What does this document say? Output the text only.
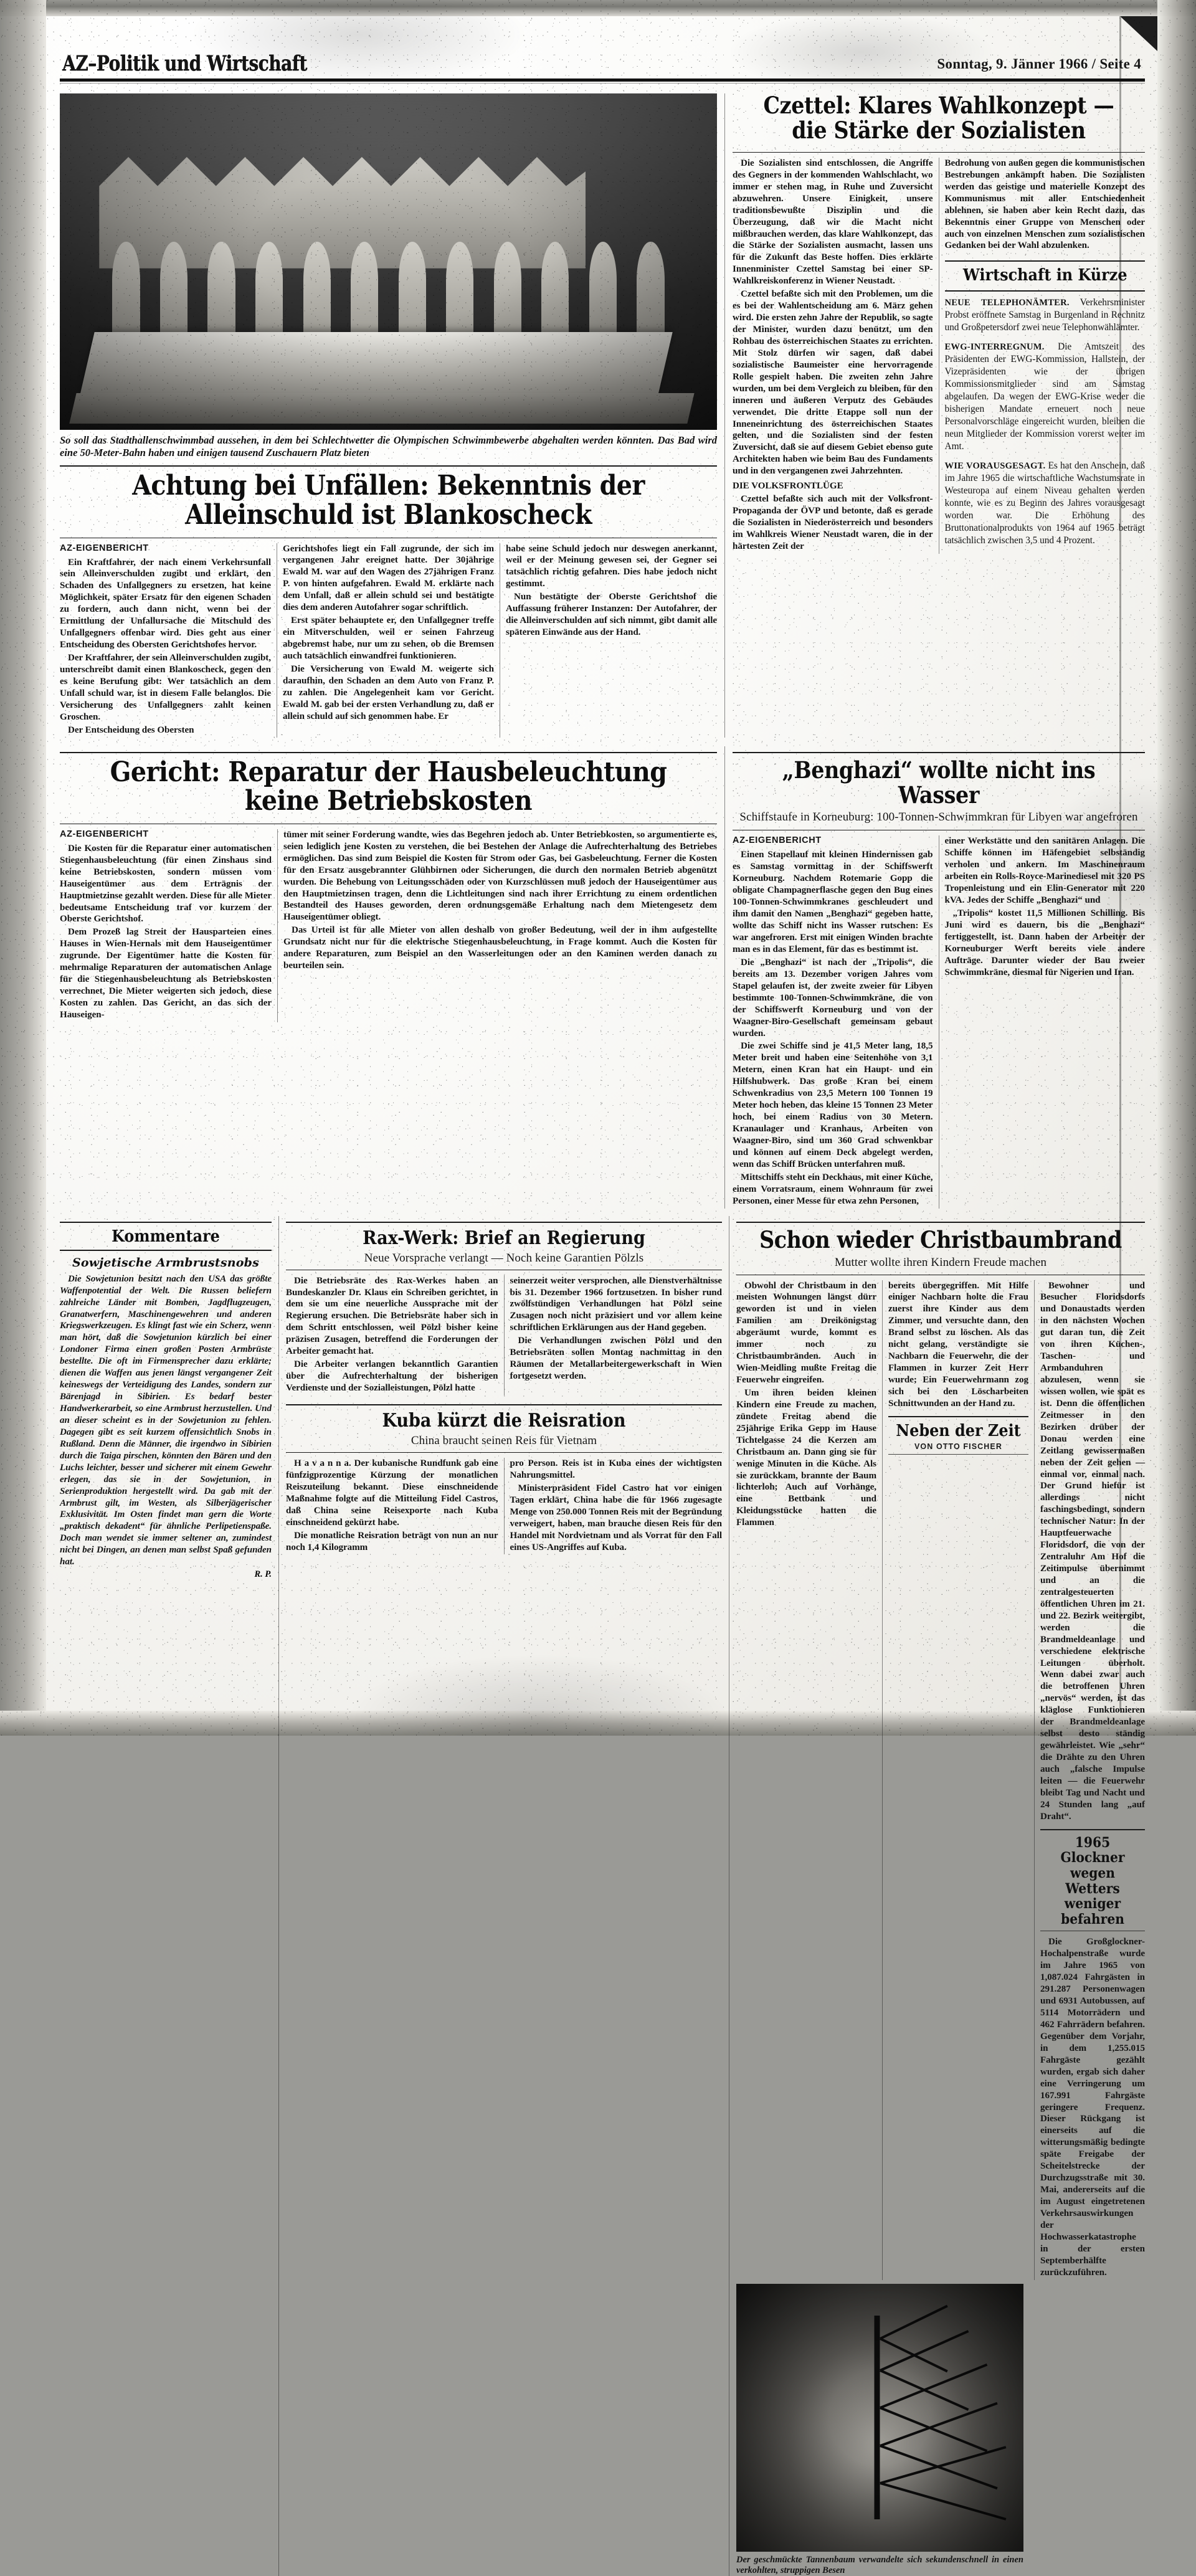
AZ–Politik und Wirtschaft	Sonntag, 9. Jänner 1966 / Seite 4
So soll das Stadthallenschwimmbad aussehen, in dem bei Schlechtwetter die Olympischen Schwimmbewerbe abgehalten werden könnten. Das Bad wird eine 50-Meter-Bahn haben und einigen tausend Zuschauern Platz bieten
Achtung bei Unfällen: Bekenntnis der Alleinschuld ist Blankoscheck
AZ-EIGENBERICHT

Ein Kraftfahrer, der nach einem Verkehrsunfall sein Alleinverschulden zugibt und erklärt, den Schaden des Unfallgegners zu ersetzen, hat keine Möglichkeit, später Ersatz für den eigenen Schaden zu fordern, auch dann nicht, wenn bei der Ermittlung der Unfallursache die Mitschuld des Unfallgegners offenbar wird. Dies geht aus einer Entscheidung des Obersten Gerichtshofes hervor.

Der Kraftfahrer, der sein Alleinverschulden zugibt, unterschreibt damit einen Blankoscheck, gegen den es keine Berufung gibt: Wer tatsächlich an dem Unfall schuld war, ist in diesem Falle belanglos. Die Versicherung des Unfallgegners zahlt keinen Groschen.

Der Entscheidung des Obersten

Gerichtshofes liegt ein Fall zugrunde, der sich im vergangenen Jahr ereignet hatte. Der 30jährige Ewald M. war auf den Wagen des 27jährigen Franz P. von hinten aufgefahren. Ewald M. erklärte nach dem Unfall, daß er allein schuld sei und bestätigte dies dem anderen Autofahrer sogar schriftlich.

Erst später behauptete er, den Unfallgegner treffe ein Mitverschulden, weil er seinen Fahrzeug abgebremst habe, nur um zu sehen, ob die Bremsen auch tatsächlich einwandfrei funktionieren.

Die Versicherung von Ewald M. weigerte sich daraufhin, den Schaden an dem Auto von Franz P. zu zahlen. Die Angelegenheit kam vor Gericht. Ewald M. gab bei der ersten Verhandlung zu, daß er allein schuld auf sich genommen habe. Er

habe seine Schuld jedoch nur deswegen anerkannt, weil er der Meinung gewesen sei, der Gegner sei tatsächlich richtig gefahren. Dies habe jedoch nicht gestimmt.

Nun bestätigte der Oberste Gerichtshof die Auffassung früherer Instanzen: Der Autofahrer, der die Alleinverschulden auf sich nimmt, gibt damit alle späteren Einwände aus der Hand.

Czettel: Klares Wahlkonzept — die Stärke der Sozialisten

Die Sozialisten sind entschlossen, die Angriffe des Gegners in der kommenden Wahlschlacht, wo immer er stehen mag, in Ruhe und Zuversicht abzuwehren. Unsere Einigkeit, unsere traditionsbewußte Disziplin und die Überzeugung, daß wir die Macht nicht mißbrauchen werden, das klare Wahlkonzept, das die Stärke der Sozialisten ausmacht, lassen uns für die Zukunft das Beste hoffen. Dies erklärte Innenminister Czettel Samstag bei einer SP-Wahlkreiskonferenz in Wiener Neustadt.

Czettel befaßte sich mit den Problemen, um die es bei der Wahlentscheidung am 6. März gehen wird. Die ersten zehn Jahre der Republik, so sagte der Minister, wurden dazu benützt, um den Rohbau des österreichischen Staates zu errichten. Mit Stolz dürfen wir sagen, daß dabei sozialistische Baumeister eine hervorragende Rolle gespielt haben. Die zweiten zehn Jahre wurden, um bei dem Vergleich zu bleiben, für den inneren und äußeren Verputz des Gebäudes verwendet. Die dritte Etappe soll nun der Inneneinrichtung des österreichischen Staates gelten, und die Sozialisten sind der festen Zuversicht, daß sie auf diesem Gebiet ebenso gute Architekten haben wie beim Bau des Fundaments und in den vergangenen zwei Jahrzehnten.

DIE VOLKSFRONTLÜGE

Czettel befaßte sich auch mit der Volksfront-Propaganda der ÖVP und betonte, daß es gerade die Sozialisten in Niederösterreich und besonders im Wahlkreis Wiener Neustadt waren, die in der härtesten Zeit der

Bedrohung von außen gegen die kommunistischen Bestrebungen ankämpft haben. Die Sozialisten werden das geistige und materielle Konzept des Kommunismus mit aller Entschiedenheit ablehnen, sie haben aber kein Recht dazu, das Bekenntnis einer Gruppe von Menschen oder auch von einzelnen Menschen zum sozialistischen Gedanken bei der Wahl abzulenken.

Wirtschaft in Kürze

NEUE TELEPHONÄMTER. Verkehrsminister Probst eröffnete Samstag in Burgenland in Rechnitz und Großpetersdorf zwei neue Telephonwählämter.

EWG-INTERREGNUM. Die Amtszeit des Präsidenten der EWG-Kommission, Hallstein, der Vizepräsidenten wie der übrigen Kommissionsmitglieder sind am Samstag abgelaufen. Da wegen der EWG-Krise weder die bisherigen Mandate erneuert noch neue Personalvorschläge eingereicht wurden, bleiben die neun Mitglieder der Kommission vorerst weiter im Amt.

WIE VORAUSGESAGT. Es hat den Anschein, daß im Jahre 1965 die wirtschaftliche Wachstumsrate in Westeuropa auf einem Niveau gehalten werden konnte, wie es zu Beginn des Jahres vorausgesagt worden war. Die Erhöhung des Bruttonationalprodukts von 1964 auf 1965 beträgt tatsächlich zwischen 3,5 und 4 Prozent.

Gericht: Reparatur der Hausbeleuchtung keine Betriebskosten
AZ-EIGENBERICHT

Die Kosten für die Reparatur einer automatischen Stiegenhausbeleuchtung (für einen Zinshaus sind keine Betriebskosten, sondern müssen vom Hauseigentümer aus dem Erträgnis der Hauptmietzinse gezahlt werden. Diese für alle Mieter bedeutsame Entscheidung traf vor kurzem der Oberste Gerichtshof.

Dem Prozeß lag Streit der Hausparteien eines Hauses in Wien-Hernals mit dem Hauseigentümer zugrunde. Der Eigentümer hatte die Kosten für mehrmalige Reparaturen der automatischen Anlage für die Stiegenhausbeleuchtung als Betriebskosten verrechnet, Die Mieter weigerten sich jedoch, diese Kosten zu zahlen. Das Gericht, an das sich der Hauseigen-

tümer mit seiner Forderung wandte, wies das Begehren jedoch ab. Unter Betriebkosten, so argumentierte es, seien lediglich jene Kosten zu verstehen, die bei Bestehen der Anlage die Aufrechterhaltung des Betriebes ermöglichen. Das sind zum Beispiel die Kosten für Strom oder Gas, bei Gasbeleuchtung. Ferner die Kosten für den Ersatz ausgebrannter Glühbirnen oder Sicherungen, die durch den normalen Betrieb abgenützt wurden. Die Behebung von Leitungsschäden oder von Kurzschlüssen muß jedoch der Hauseigentümer aus den Hauptmietzinsen tragen, denn die Lichtleitungen sind nach ihrer Errichtung zu einem ordentlichen Bestandteil des Hauses geworden, deren ordnungsgemäße Erhaltung nach dem Mietengesetz dem Hauseigentümer obliegt.

Das Urteil ist für alle Mieter von allen deshalb von großer Bedeutung, weil der in ihm aufgestellte Grundsatz nicht nur für die elektrische Stiegenhausbeleuchtung, in Frage kommt. Auch die Kosten für andere Reparaturen, zum Beispiel an den Wasserleitungen oder an den Kaminen werden danach zu beurteilen sein.

„Benghazi“ wollte nicht ins Wasser
Schiffstaufe in Korneuburg: 100-Tonnen-Schwimmkran für Libyen war angefroren
AZ-EIGENBERICHT

Einen Stapellauf mit kleinen Hindernissen gab es Samstag vormittag in der Schiffswerft Korneuburg. Nachdem Rotemarie Gopp die obligate Champagnerflasche gegen den Bug eines 100-Tonnen-Schwimmkranes geschleudert und ihm damit den Namen „Benghazi“ gegeben hatte, wollte das Schiff nicht ins Wasser rutschen: Es war angefroren. Erst mit einigen Winden brachte man es in das Element, für das es bestimmt ist.

Die „Benghazi“ ist nach der „Tripolis“, die bereits am 13. Dezember vorigen Jahres vom Stapel gelaufen ist, der zweite zweier für Libyen bestimmte 100-Tonnen-Schwimmkräne, die von der Schiffswerft Korneuburg und von der Waagner-Biro-Gesellschaft gemeinsam gebaut wurden.

Die zwei Schiffe sind je 41,5 Meter lang, 18,5 Meter breit und haben eine Seitenhöhe von 3,1 Metern, einen Kran hat ein Haupt- und ein Hilfshubwerk. Das große Kran bei einem Schwenkradius von 23,5 Metern 100 Tonnen 19 Meter hoch heben, das kleine 15 Tonnen 23 Meter hoch, bei einem Radius von 30 Metern. Kranaulager und Kranhaus, Arbeiten von Waagner-Biro, sind um 360 Grad schwenkbar und können auf einem Deck abgelegt werden, wenn das Schiff Brücken unterfahren muß.

Mittschiffs steht ein Deckhaus, mit einer Küche, einem Vorratsraum, einem Wohnraum für zwei Personen, einer Messe für etwa zehn Personen,

einer Werkstätte und den sanitären Anlagen. Die Schiffe können im Häfengebiet selbständig verholen und ankern. Im Maschinenraum arbeiten ein Rolls-Royce-Marinediesel mit 320 PS Tropenleistung und ein Elin-Generator mit 220 kVA. Jedes der Schiffe „Benghazi“ und

„Tripolis“ kostet 11,5 Millionen Schilling. Bis Juni wird es dauern, bis die „Benghazi“ fertiggestellt, ist. Dann haben der Arbeiter der Korneuburger Werft bereits viele andere Aufträge. Darunter wieder der Bau zweier Schwimmkräne, diesmal für Nigerien und Iran.

Kommentare
Sowjetische Armbrustsnobs

Die Sowjetunion besitzt nach den USA das größte Waffenpotential der Welt. Die Russen beliefern zahlreiche Länder mit Bomben, Jagdflugzeugen, Granatwerfern, Maschinengewehren und anderen Kriegswerkzeugen. Es klingt fast wie ein Scherz, wenn man hört, daß die Sowjetunion kürzlich bei einer Londoner Firma einen großen Posten Armbrüste bestellte. Die oft im Firmensprecher dazu erklärte; dienen die Waffen aus jenen längst vergangener Zeit keineswegs der Verteidigung des Landes, sondern zur Bärenjagd in Sibirien. Es bedarf bester Handwerkerarbeit, so eine Armbrust herzustellen. Und an dieser scheint es in der Sowjetunion zu fehlen. Dagegen gibt es seit kurzem offensichtlich Snobs in Rußland. Denn die Männer, die irgendwo in Sibirien durch die Taiga pirschen, könnten den Bären und den Luchs leichter, besser und sicherer mit einem Gewehr erlegen, das sie in der Sowjetunion, in Serienproduktion hergestellt wird. Da gab mit der Armbrust gilt, im Westen, als Silberjägerischer Exklusivität. Im Osten findet man gern die Worte „praktisch dekadent“ für ähnliche Perlipetienspaße. Doch man wendet sie immer seltener an, zumindest nicht bei Dingen, an denen man selbst Spaß gefunden hat.

R. P.
Rax-Werk: Brief an Regierung
Neue Vorsprache verlangt — Noch keine Garantien Pölzls

Die Betriebsräte des Rax-Werkes haben an Bundeskanzler Dr. Klaus ein Schreiben gerichtet, in dem sie um eine neuerliche Aussprache mit der Regierung ersuchen. Die Betriebsräte haber sich in dem Schritt entschlossen, weil Pölzl bisher keine präzisen Zusagen, betreffend die Forderungen der Arbeiter gemacht hat.

Die Arbeiter verlangen bekanntlich Garantien über die Aufrechterhaltung der bisherigen Verdienste und der Sozialleistungen, Pölzl hatte

seinerzeit weiter versprochen, alle Dienstverhältnisse bis 31. Dezember 1966 fortzusetzen. In bisher rund zwölfstündigen Verhandlungen hat Pölzl seine Zusagen noch nicht präzisiert und vor allem keine schriftlichen Erklärungen aus der Hand gegeben.

Die Verhandlungen zwischen Pölzl und den Betriebsräten sollen Montag nachmittag in den Räumen der Metallarbeitergewerkschaft in Wien fortgesetzt werden.

Kuba kürzt die Reisration
China braucht seinen Reis für Vietnam

H a v a n n a. Der kubanische Rundfunk gab eine fünfzigprozentige Kürzung der monatlichen Reiszuteilung bekannt. Diese einschneidende Maßnahme folgte auf die Mitteilung Fidel Castros, daß China seine Reisexporte nach Kuba einschneidend gekürzt habe.

Die monatliche Reisration beträgt von nun an nur noch 1,4 Kilogramm

pro Person. Reis ist in Kuba eines der wichtigsten Nahrungsmittel.

Ministerpräsident Fidel Castro hat vor einigen Tagen erklärt, China habe die für 1966 zugesagte Menge von 250.000 Tonnen Reis mit der Begründung verweigert, haben, man brauche diesen Reis für den Handel mit Nordvietnam und als Vorrat für den Fall eines US-Angriffes auf Kuba.

Schon wieder Christbaumbrand
Mutter wollte ihren Kindern Freude machen

Obwohl der Christbaum in den meisten Wohnungen längst dürr geworden ist und in vielen Familien am Dreikönigstag abgeräumt wurde, kommt es immer noch zu Christbaumbränden. Auch in Wien-Meidling mußte Freitag die Feuerwehr eingreifen.

Um ihren beiden kleinen Kindern eine Freude zu machen, zündete Freitag abend die 25jährige Erika Gepp im Hause Tichtelgasse 24 die Kerzen am Christbaum an. Dann ging sie für wenige Minuten in die Küche. Als sie zurückkam, brannte der Baum lichterloh; Auch auf Vorhänge, eine Bettbank und Kleidungsstücke hatten die Flammen

bereits übergegriffen. Mit Hilfe einiger Nachbarn holte die Frau zuerst ihre Kinder aus dem Zimmer, und versuchte dann, den Brand selbst zu löschen. Als das nicht gelang, verständigte sie Nachbarn die Feuerwehr, die der Flammen in kurzer Zeit Herr wurde; Ein Feuerwehrmann zog sich bei den Löscharbeiten Schnittwunden an der Hand zu.

Neben der Zeit
VON OTTO FISCHER

Bewohner und Besucher Floridsdorfs und Donaustadts werden in den nächsten Wochen gut daran tun, die Zeit von ihren Küchen-, Taschen- und Armbanduhren abzulesen, wenn sie wissen wollen, wie spät es ist. Denn die öffentlichen Zeitmesser in den Bezirken drüber der Donau werden eine Zeitlang gewissermaßen neben der Zeit gehen — einmal vor, einmal nach. Der Grund hiefür ist allerdings nicht faschingsbedingt, sondern technischer Natur: In der Hauptfeuerwache Floridsdorf, die von der Zentraluhr Am Hof die Zeitimpulse übernimmt und an die zentralgesteuerten öffentlichen Uhren im 21. und 22. Bezirk weitergibt, werden die Brandmeldeanlage und verschiedene elektrische Leitungen überholt. Wenn dabei zwar auch die betroffenen Uhren „nervös“ werden, ist das kläglose Funktionieren der Brandmeldeanlage selbst desto ständig gewährleistet. Wie „sehr“ die Drähte zu den Uhren auch „falsche Impulse leiten — die Feuerwehr bleibt Tag und Nacht und 24 Stunden lang „auf Draht“.

1965 Glockner wegen Wetters weniger befahren

Die Großglockner-Hochalpenstraße wurde im Jahre 1965 von 1,087.024 Fahrgästen in 291.287 Personenwagen und 6931 Autobussen, auf 5114 Motorrädern und 462 Fahrrädern befahren. Gegenüber dem Vorjahr, in dem 1,255.015 Fahrgäste gezählt wurden, ergab sich daher eine Verringerung um 167.991 Fahrgäste geringere Frequenz. Dieser Rückgang ist einerseits auf die witterungsmäßig bedingte späte Freigabe der Scheitelstrecke der Durchzugsstraße mit 30. Mai, andererseits auf die im August eingetretenen Verkehrsauswirkungen der Hochwasserkatastrophe in der ersten Septemberhälfte zurückzuführen.

Der geschmückte Tannenbaum verwandelte sich sekundenschnell in einen verkohlten, struppigen Besen
